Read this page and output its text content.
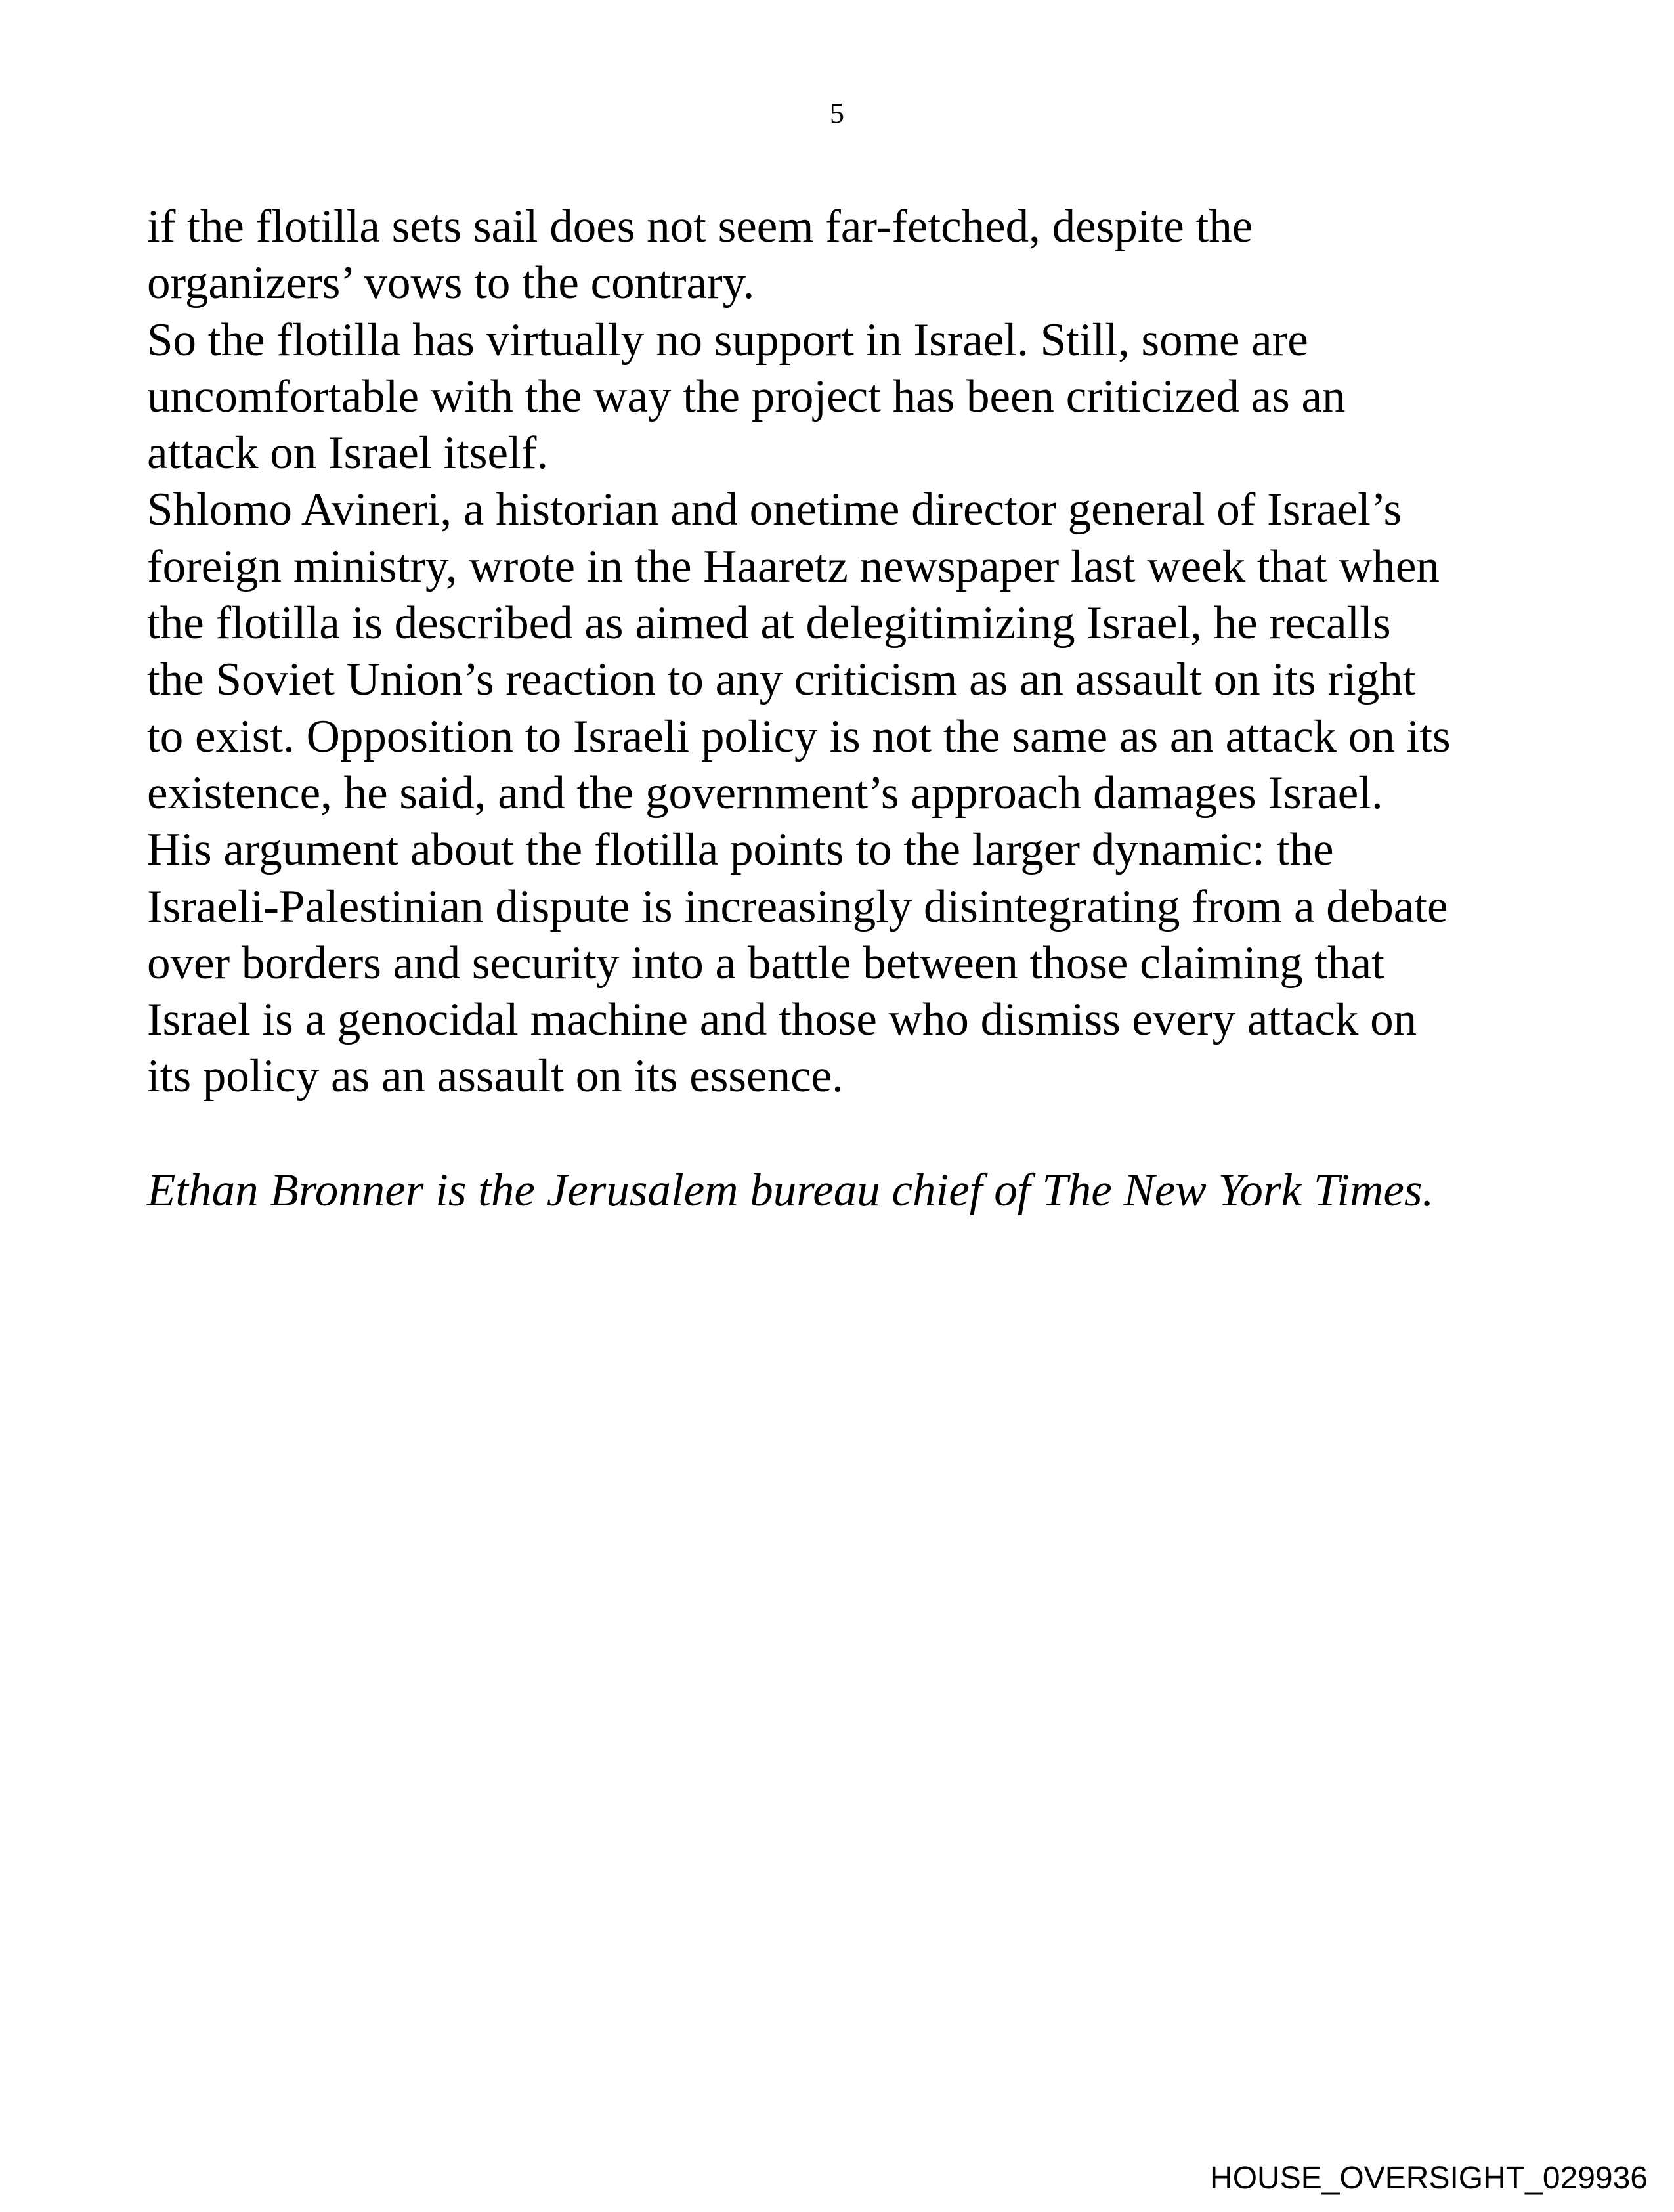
5

if the flotilla sets sail does not seem far-fetched, despite the
organizers’ vows to the contrary.

So the flotilla has virtually no support in Israel. Still, some are
uncomfortable with the way the project has been criticized as an
attack on Israel itself.

Shlomo Avineri, a historian and onetime director general of Israel’s
foreign ministry, wrote in the Haaretz newspaper last week that when
the flotilla is described as aimed at delegitimizing Israel, he recalls
the Soviet Union’s reaction to any criticism as an assault on its right
to exist. Opposition to Israeli policy is not the same as an attack on its
existence, he said, and the government’s approach damages Israel.

His argument about the flotilla points to the larger dynamic: the
Israeli-Palestinian dispute is increasingly disintegrating from a debate
over borders and security into a battle between those claiming that
Israel is a genocidal machine and those who dismiss every attack on
its policy as an assault on its essence.

Ethan Bronner is the Jerusalem bureau chief of The New York Times.
HOUSE_OVERSIGHT_029936
